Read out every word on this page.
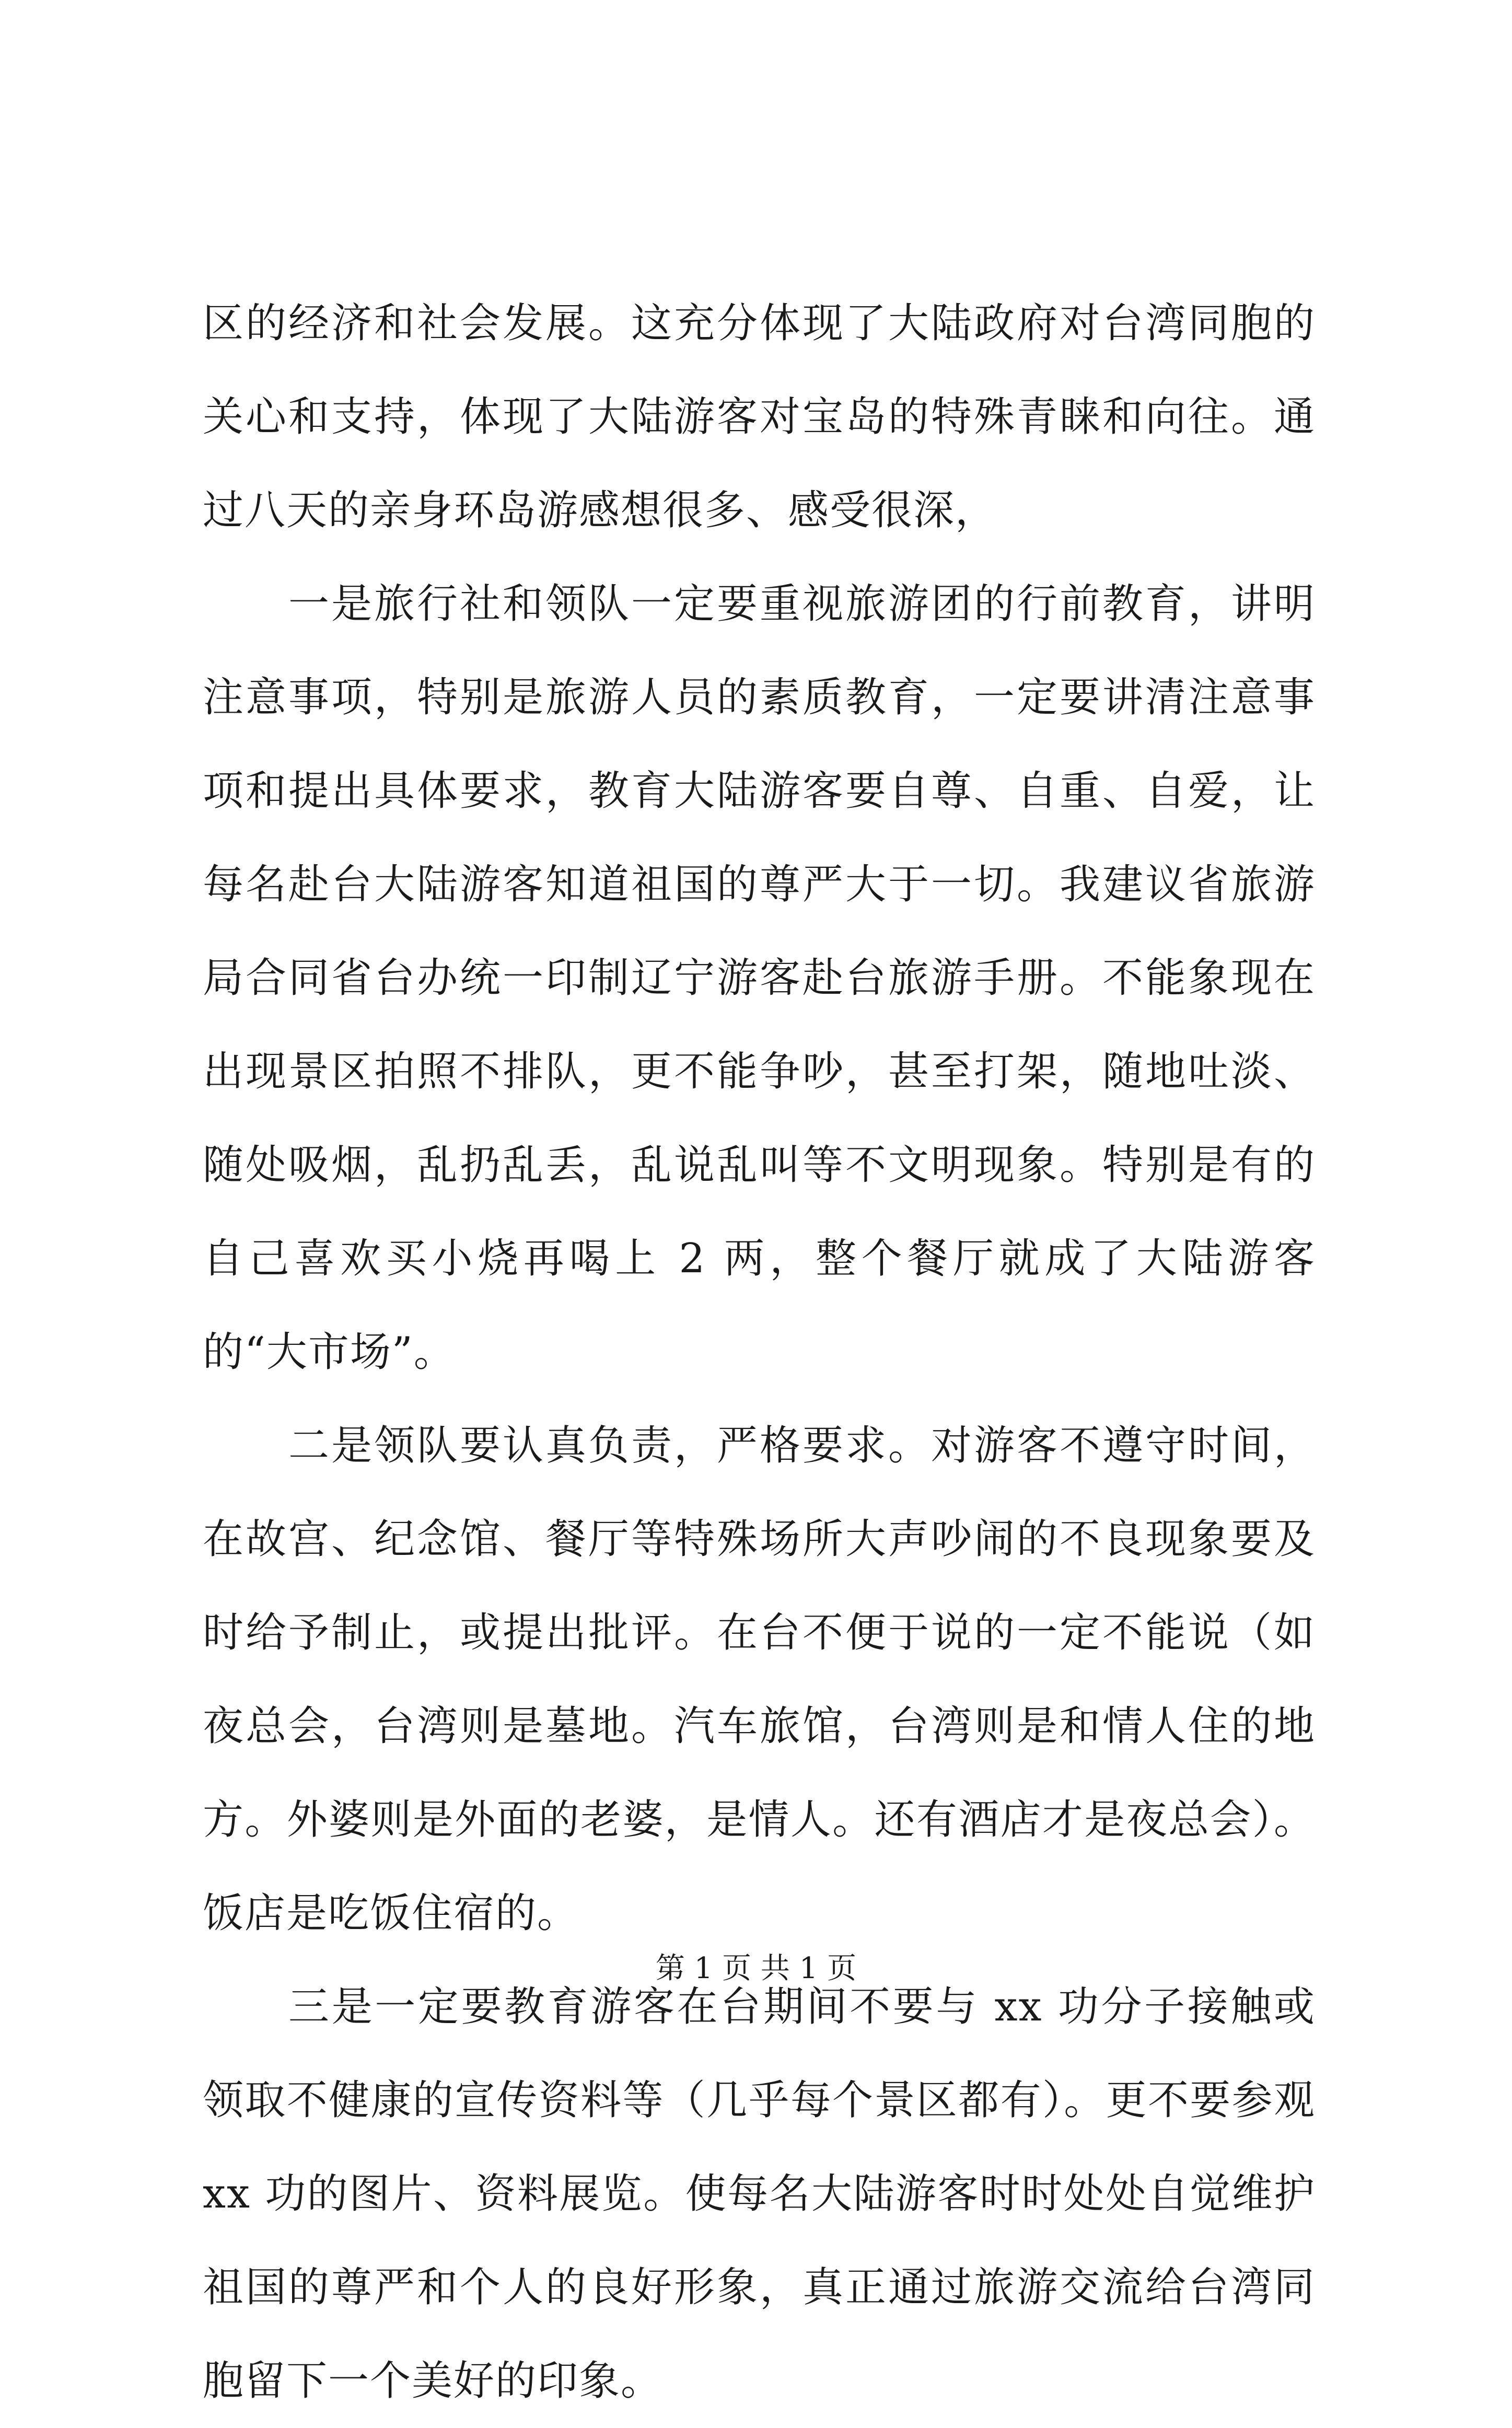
区的经济和社会发展。这充分体现了大陆政府对台湾同胞的关心和支持，体现了大陆游客对宝岛的特殊青睐和向往。通过八天的亲身环岛游感想很多、感受很深，

一是旅行社和领队一定要重视旅游团的行前教育，讲明注意事项，特别是旅游人员的素质教育，一定要讲清注意事项和提出具体要求，教育大陆游客要自尊、自重、自爱，让每名赴台大陆游客知道祖国的尊严大于一切。我建议省旅游局合同省台办统一印制辽宁游客赴台旅游手册。不能象现在出现景区拍照不排队，更不能争吵，甚至打架，随地吐淡、随处吸烟，乱扔乱丢，乱说乱叫等不文明现象。特别是有的自己喜欢买小烧再喝上 2 两，整个餐厅就成了大陆游客的“大市场”。

二是领队要认真负责，严格要求。对游客不遵守时间，在故宫、纪念馆、餐厅等特殊场所大声吵闹的不良现象要及时给予制止，或提出批评。在台不便于说的一定不能说（如夜总会，台湾则是墓地。汽车旅馆，台湾则是和情人住的地方。外婆则是外面的老婆，是情人。还有酒店才是夜总会）。饭店是吃饭住宿的。

三是一定要教育游客在台期间不要与 xx 功分子接触或领取不健康的宣传资料等（几乎每个景区都有）。更不要参观 xx 功的图片、资料展览。使每名大陆游客时时处处自觉维护祖国的尊严和个人的良好形象，真正通过旅游交流给台湾同胞留下一个美好的印象。

第 1 页 共 1 页
